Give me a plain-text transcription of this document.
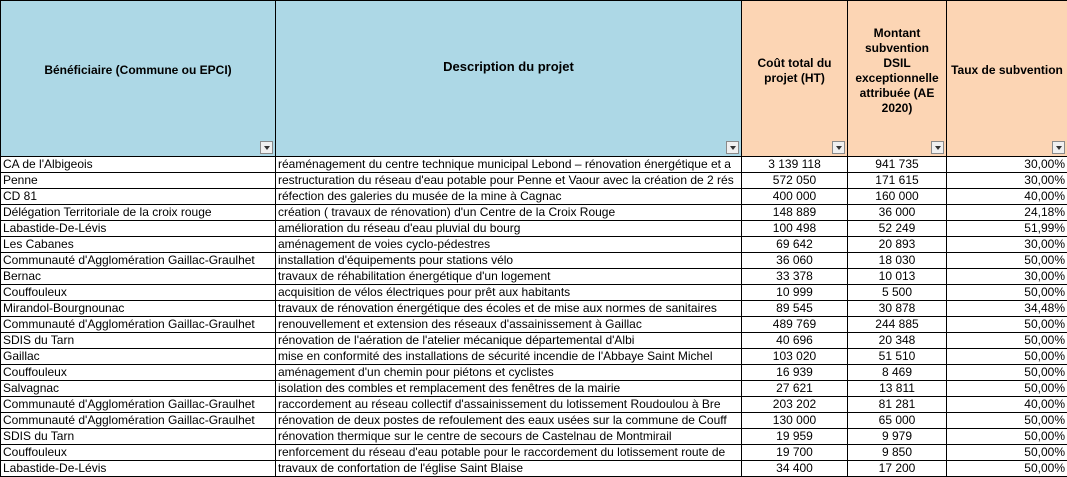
Bénéficiaire (Commune ou EPCI)	Description du projet	Coût total du projet (HT)	Montant subvention DSIL exceptionnelle attribuée (AE 2020)	Taux de subvention

CA de l'Albigeois	réaménagement du centre technique municipal Lebond – rénovation énergétique et a	3 139 118	941 735	30,00%
Penne	restructuration du réseau d'eau potable pour Penne et Vaour avec la création de 2 rés	572 050	171 615	30,00%
CD 81	réfection des galeries du musée de la mine à Cagnac	400 000	160 000	40,00%
Délégation Territoriale de la croix rouge	création ( travaux de rénovation) d'un Centre de la Croix Rouge	148 889	36 000	24,18%
Labastide-De-Lévis	amélioration du réseau d'eau pluvial du bourg	100 498	52 249	51,99%
Les Cabanes	aménagement de voies cyclo-pédestres	69 642	20 893	30,00%
Communauté d'Agglomération Gaillac-Graulhet	installation d'équipements pour stations vélo	36 060	18 030	50,00%
Bernac	travaux de réhabilitation énergétique d'un logement	33 378	10 013	30,00%
Couffouleux	acquisition de vélos électriques pour prêt aux habitants	10 999	5 500	50,00%
Mirandol-Bourgnounac	travaux de rénovation énergétique des écoles et de mise aux normes de sanitaires	89 545	30 878	34,48%
Communauté d'Agglomération Gaillac-Graulhet	renouvellement et extension des réseaux d'assainissement à Gaillac	489 769	244 885	50,00%
SDIS du Tarn	rénovation de l'aération de l'atelier mécanique départemental d'Albi	40 696	20 348	50,00%
Gaillac	mise en conformité des installations de sécurité incendie de l'Abbaye Saint Michel	103 020	51 510	50,00%
Couffouleux	aménagement d'un chemin pour piétons et cyclistes	16 939	8 469	50,00%
Salvagnac	isolation des combles et remplacement des fenêtres de la mairie	27 621	13 811	50,00%
Communauté d'Agglomération Gaillac-Graulhet	raccordement au réseau collectif d'assainissement du lotissement Roudoulou à Bre	203 202	81 281	40,00%
Communauté d'Agglomération Gaillac-Graulhet	rénovation de deux postes de refoulement des eaux usées sur la commune de Couff	130 000	65 000	50,00%
SDIS du Tarn	rénovation thermique sur le centre de secours de Castelnau de Montmirail	19 959	9 979	50,00%
Couffouleux	renforcement du réseau d'eau potable pour le raccordement du lotissement route de	19 700	9 850	50,00%
Labastide-De-Lévis	travaux de confortation de l'église Saint Blaise	34 400	17 200	50,00%
